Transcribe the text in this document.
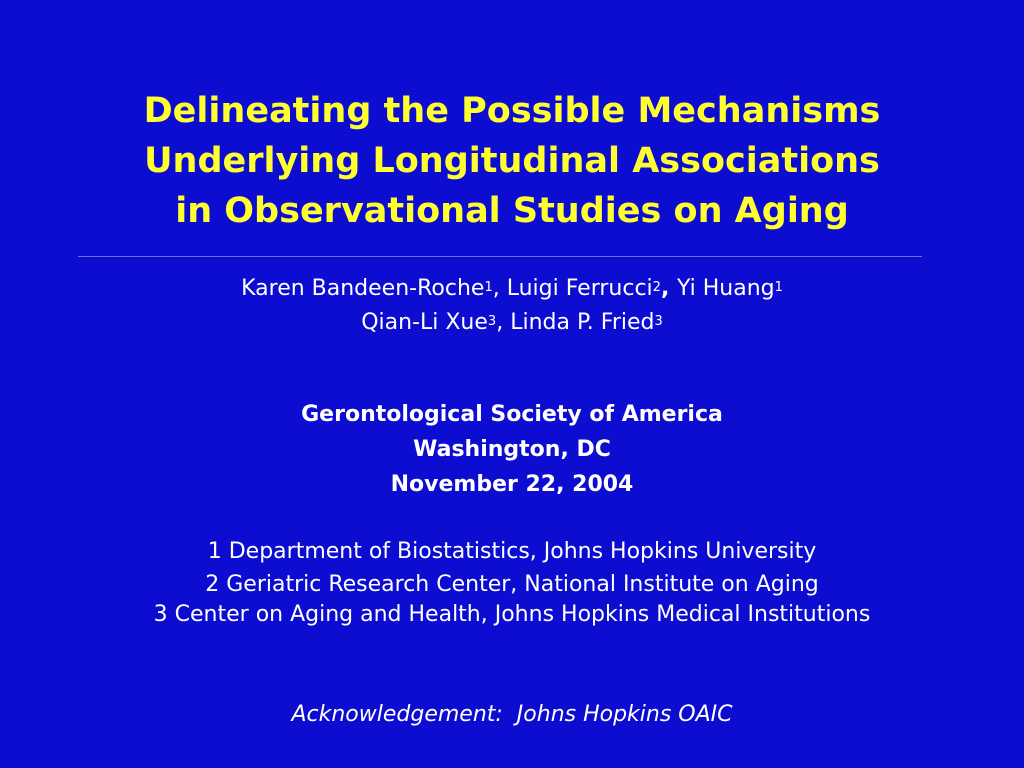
Delineating the Possible Mechanisms
Underlying Longitudinal Associations
in Observational Studies on Aging
Karen Bandeen-Roche$^1$, Luigi Ferrucci$^2$, Yi Huang$^1$
Qian-Li Xue$^3$, Linda P. Fried$^3$
Gerontological Society of America
Washington, DC
November 22, 2004
1 Department of Biostatistics, Johns Hopkins University
2 Geriatric Research Center, National Institute on Aging
3 Center on Aging and Health, Johns Hopkins Medical Institutions
Acknowledgement:  Johns Hopkins OAIC
